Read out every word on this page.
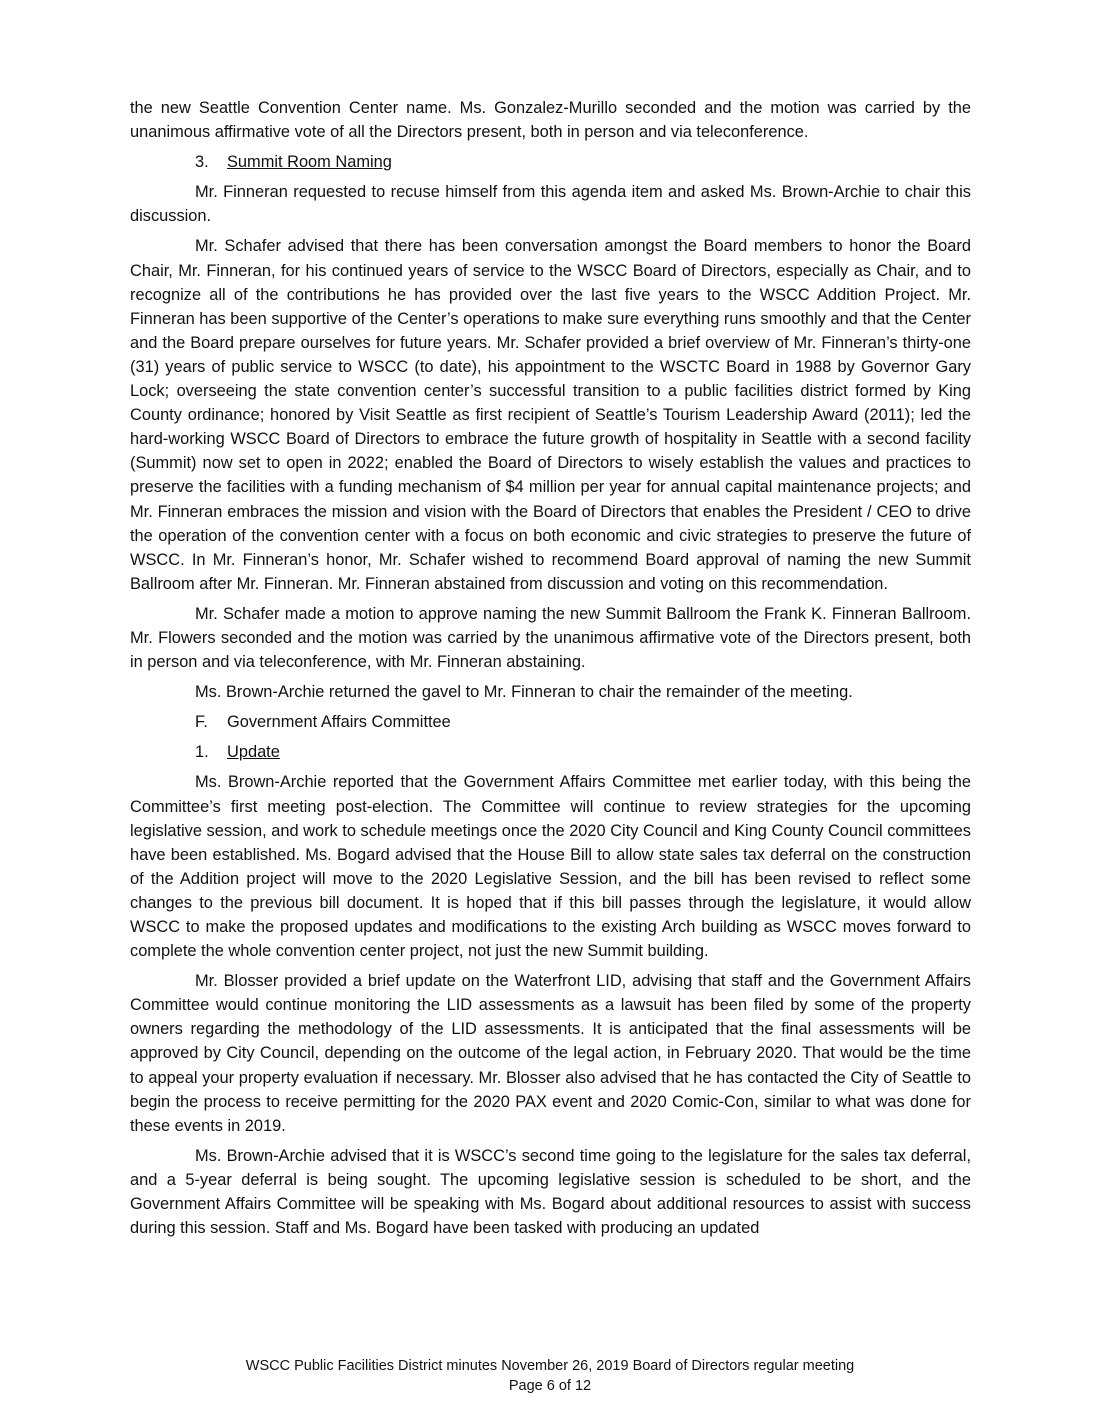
the new Seattle Convention Center name. Ms. Gonzalez-Murillo seconded and the motion was carried by the unanimous affirmative vote of all the Directors present, both in person and via teleconference.

3. Summit Room Naming

Mr. Finneran requested to recuse himself from this agenda item and asked Ms. Brown-Archie to chair this discussion.

Mr. Schafer advised that there has been conversation amongst the Board members to honor the Board Chair, Mr. Finneran, for his continued years of service to the WSCC Board of Directors, especially as Chair, and to recognize all of the contributions he has provided over the last five years to the WSCC Addition Project. Mr. Finneran has been supportive of the Center’s operations to make sure everything runs smoothly and that the Center and the Board prepare ourselves for future years. Mr. Schafer provided a brief overview of Mr. Finneran’s thirty-one (31) years of public service to WSCC (to date), his appointment to the WSCTC Board in 1988 by Governor Gary Lock; overseeing the state convention center’s successful transition to a public facilities district formed by King County ordinance; honored by Visit Seattle as first recipient of Seattle’s Tourism Leadership Award (2011); led the hard-working WSCC Board of Directors to embrace the future growth of hospitality in Seattle with a second facility (Summit) now set to open in 2022; enabled the Board of Directors to wisely establish the values and practices to preserve the facilities with a funding mechanism of $4 million per year for annual capital maintenance projects; and Mr. Finneran embraces the mission and vision with the Board of Directors that enables the President / CEO to drive the operation of the convention center with a focus on both economic and civic strategies to preserve the future of WSCC. In Mr. Finneran’s honor, Mr. Schafer wished to recommend Board approval of naming the new Summit Ballroom after Mr. Finneran. Mr. Finneran abstained from discussion and voting on this recommendation.

Mr. Schafer made a motion to approve naming the new Summit Ballroom the Frank K. Finneran Ballroom. Mr. Flowers seconded and the motion was carried by the unanimous affirmative vote of the Directors present, both in person and via teleconference, with Mr. Finneran abstaining.

Ms. Brown-Archie returned the gavel to Mr. Finneran to chair the remainder of the meeting.

F. Government Affairs Committee
1. Update

Ms. Brown-Archie reported that the Government Affairs Committee met earlier today, with this being the Committee’s first meeting post-election. The Committee will continue to review strategies for the upcoming legislative session, and work to schedule meetings once the 2020 City Council and King County Council committees have been established. Ms. Bogard advised that the House Bill to allow state sales tax deferral on the construction of the Addition project will move to the 2020 Legislative Session, and the bill has been revised to reflect some changes to the previous bill document. It is hoped that if this bill passes through the legislature, it would allow WSCC to make the proposed updates and modifications to the existing Arch building as WSCC moves forward to complete the whole convention center project, not just the new Summit building.

Mr. Blosser provided a brief update on the Waterfront LID, advising that staff and the Government Affairs Committee would continue monitoring the LID assessments as a lawsuit has been filed by some of the property owners regarding the methodology of the LID assessments. It is anticipated that the final assessments will be approved by City Council, depending on the outcome of the legal action, in February 2020. That would be the time to appeal your property evaluation if necessary. Mr. Blosser also advised that he has contacted the City of Seattle to begin the process to receive permitting for the 2020 PAX event and 2020 Comic-Con, similar to what was done for these events in 2019.

Ms. Brown-Archie advised that it is WSCC’s second time going to the legislature for the sales tax deferral, and a 5-year deferral is being sought. The upcoming legislative session is scheduled to be short, and the Government Affairs Committee will be speaking with Ms. Bogard about additional resources to assist with success during this session. Staff and Ms. Bogard have been tasked with producing an updated

WSCC Public Facilities District minutes November 26, 2019 Board of Directors regular meeting
Page 6 of 12
